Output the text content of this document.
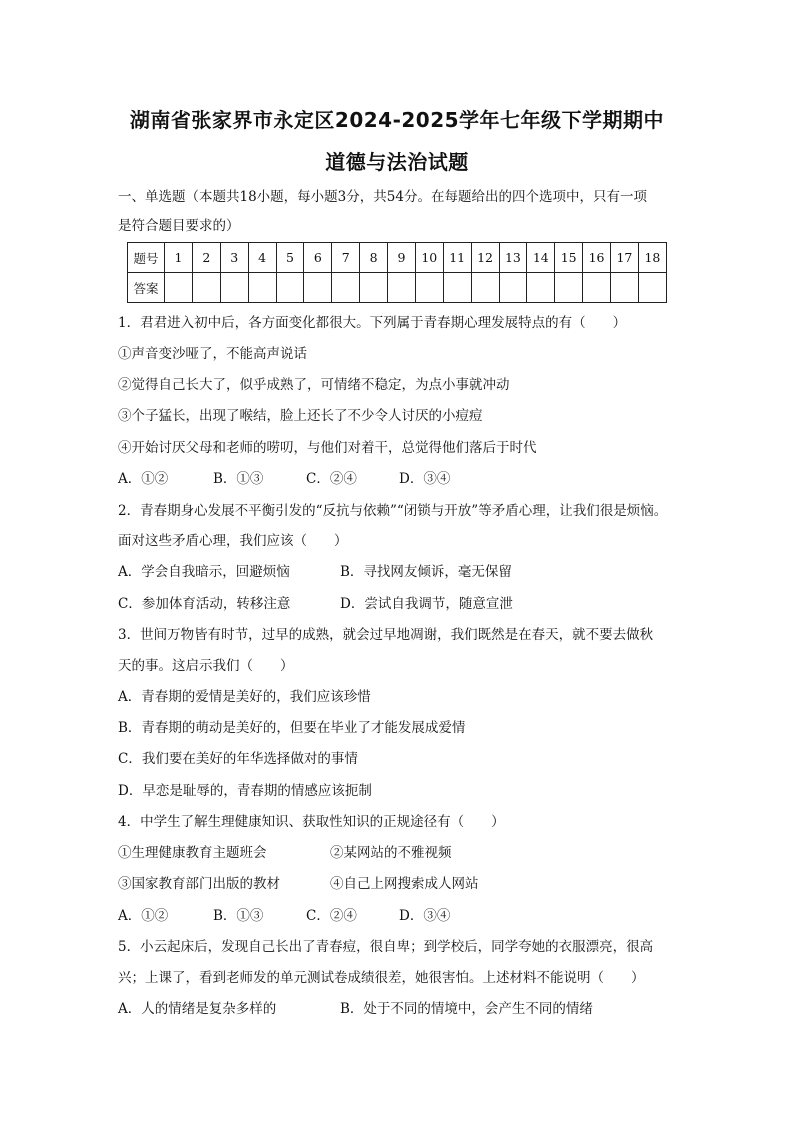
湖南省张家界市永定区2024-2025学年七年级下学期期中
道德与法治试题
一、单选题（本题共18小题，每小题3分，共54分。在每题给出的四个选项中，只有一项
是符合题目要求的）
题号	1	2	3	4	5	6	7	8	9	10	11	12	13	14	15	16	17	18
答案																		
1．君君进入初中后，各方面变化都很大。下列属于青春期心理发展特点的有（　　）
①声音变沙哑了，不能高声说话
②觉得自己长大了，似乎成熟了，可情绪不稳定，为点小事就冲动
③个子猛长，出现了喉结，脸上还长了不少令人讨厌的小痘痘
④开始讨厌父母和老师的唠叨，与他们对着干，总觉得他们落后于时代
A．①②	B．①③	C．②④	D．③④
2．青春期身心发展不平衡引发的“反抗与依赖”“闭锁与开放”等矛盾心理，让我们很是烦恼。
面对这些矛盾心理，我们应该（　　）
A．学会自我暗示，回避烦恼	B．寻找网友倾诉，毫无保留
C．参加体育活动，转移注意	D．尝试自我调节，随意宣泄
3．世间万物皆有时节，过早的成熟，就会过早地凋谢，我们既然是在春天，就不要去做秋
天的事。这启示我们（　　）
A．青春期的爱情是美好的，我们应该珍惜
B．青春期的萌动是美好的，但要在毕业了才能发展成爱情
C．我们要在美好的年华选择做对的事情
D．早恋是耻辱的，青春期的情感应该扼制
4．中学生了解生理健康知识、获取性知识的正规途径有（　　）
①生理健康教育主题班会	②某网站的不雅视频
③国家教育部门出版的教材	④自己上网搜索成人网站
A．①②	B．①③	C．②④	D．③④
5．小云起床后，发现自己长出了青春痘，很自卑；到学校后，同学夸她的衣服漂亮，很高
兴；上课了，看到老师发的单元测试卷成绩很差，她很害怕。上述材料不能说明（　　）
A．人的情绪是复杂多样的	B．处于不同的情境中，会产生不同的情绪
